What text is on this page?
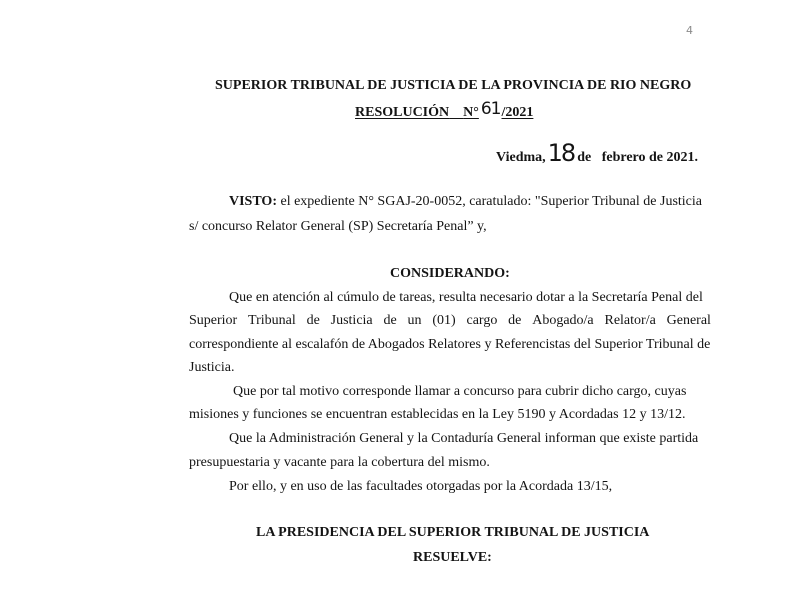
4
SUPERIOR TRIBUNAL DE JUSTICIA DE LA PROVINCIA DE RIO NEGRO
RESOLUCIÓN N° 61/2021
Viedma,18 de   febrero de 2021.
VISTO: el expediente N° SGAJ-20-0052, caratulado: "Superior Tribunal de Justicia
s/ concurso Relator General (SP) Secretaría Penal” y,
CONSIDERANDO:
Que en atención al cúmulo de tareas, resulta necesario dotar a la Secretaría Penal del
Superior Tribunal de Justicia de un (01) cargo de Abogado/a Relator/a General
correspondiente al escalafón de Abogados Relatores y Referencistas del Superior Tribunal de
Justicia.
Que por tal motivo corresponde llamar a concurso para cubrir dicho cargo, cuyas
misiones y funciones se encuentran establecidas en la Ley 5190 y Acordadas 12 y 13/12.
Que la Administración General y la Contaduría General informan que existe partida
presupuestaria y vacante para la cobertura del mismo.
Por ello, y en uso de las facultades otorgadas por la Acordada 13/15,
LA PRESIDENCIA DEL SUPERIOR TRIBUNAL DE JUSTICIA
RESUELVE:
